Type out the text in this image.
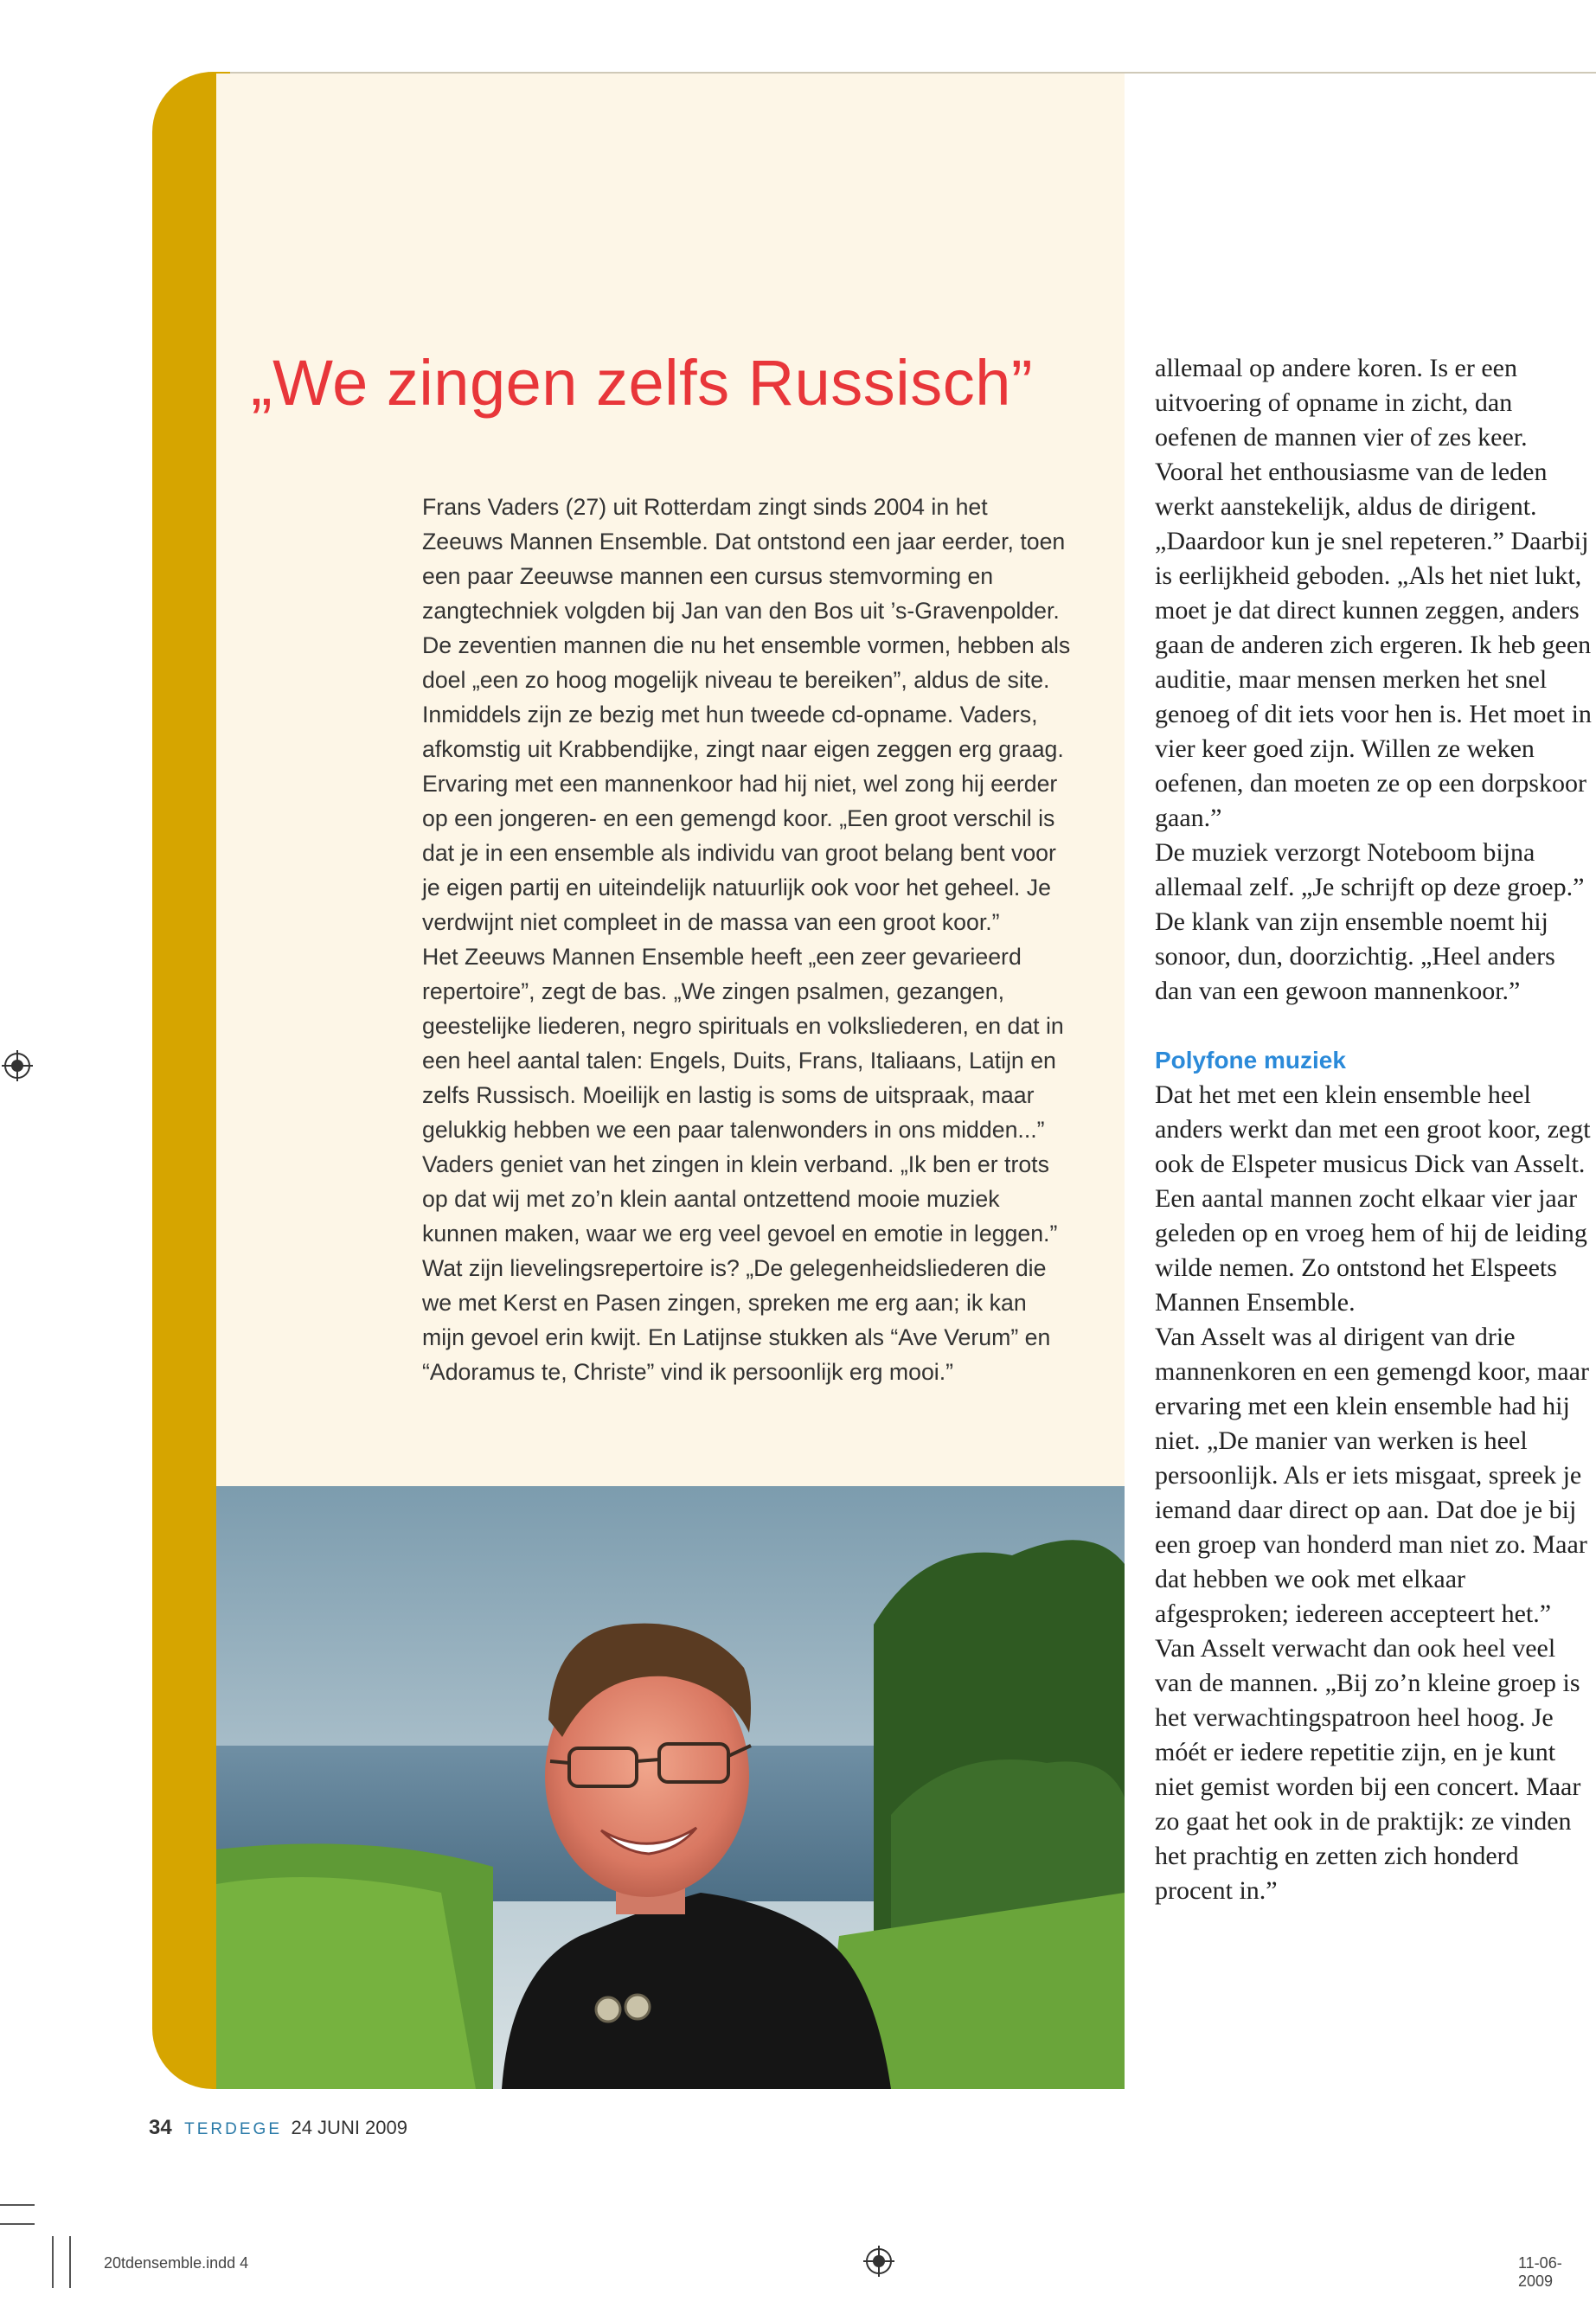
„We zingen zelfs Russisch”

Frans Vaders (27) uit Rotterdam zingt sinds 2004 in het Zeeuws Mannen Ensemble. Dat ontstond een jaar eerder, toen een paar Zeeuwse mannen een cursus stemvorming en zangtechniek volgden bij Jan van den Bos uit ’s-Gravenpolder. De zeventien mannen die nu het ensemble vormen, hebben als doel „een zo hoog mogelijk niveau te bereiken”, aldus de site. Inmiddels zijn ze bezig met hun tweede cd-opname. Vaders, afkomstig uit Krabbendijke, zingt naar eigen zeggen erg graag. Ervaring met een mannenkoor had hij niet, wel zong hij eerder op een jongeren- en een gemengd koor. „Een groot verschil is dat je in een ensemble als individu van groot belang bent voor je eigen partij en uiteindelijk natuurlijk ook voor het geheel. Je verdwijnt niet compleet in de massa van een groot koor.”
Het Zeeuws Mannen Ensemble heeft „een zeer gevarieerd repertoire”, zegt de bas. „We zingen psalmen, gezangen, geestelijke liederen, negro spirituals en volksliederen, en dat in een heel aantal talen: Engels, Duits, Frans, Italiaans, Latijn en zelfs Russisch. Moeilijk en lastig is soms de uitspraak, maar gelukkig hebben we een paar talenwonders in ons midden...”
Vaders geniet van het zingen in klein verband. „Ik ben er trots op dat wij met zo’n klein aantal ontzettend mooie muziek kunnen maken, waar we erg veel gevoel en emotie in leggen.”
Wat zijn lievelingsrepertoire is? „De gelegenheidsliederen die we met Kerst en Pasen zingen, spreken me erg aan; ik kan mijn gevoel erin kwijt. En Latijnse stukken als “Ave Verum” en “Adoramus te, Christe” vind ik persoonlijk erg mooi.”

allemaal op andere koren. Is er een uitvoering of opname in zicht, dan oefenen de mannen vier of zes keer. Vooral het enthousiasme van de leden werkt aanstekelijk, aldus de dirigent. „Daardoor kun je snel repeteren.” Daarbij is eerlijkheid geboden. „Als het niet lukt, moet je dat direct kunnen zeggen, anders gaan de anderen zich ergeren. Ik heb geen auditie, maar mensen merken het snel genoeg of dit iets voor hen is. Het moet in vier keer goed zijn. Willen ze weken oefenen, dan moeten ze op een dorpskoor gaan.”

De muziek verzorgt Noteboom bijna allemaal zelf. „Je schrijft op deze groep.” De klank van zijn ensemble noemt hij sonoor, dun, doorzichtig. „Heel anders dan van een gewoon mannenkoor.”

Polyfone muziek

Dat het met een klein ensemble heel anders werkt dan met een groot koor, zegt ook de Elspeter musicus Dick van Asselt. Een aantal mannen zocht elkaar vier jaar geleden op en vroeg hem of hij de leiding wilde nemen. Zo ontstond het Elspeets Mannen Ensemble.

Van Asselt was al dirigent van drie mannenkoren en een gemengd koor, maar ervaring met een klein ensemble had hij niet. „De manier van werken is heel persoonlijk. Als er iets misgaat, spreek je iemand daar direct op aan. Dat doe je bij een groep van honderd man niet zo. Maar dat hebben we ook met elkaar afgesproken; iedereen accepteert het.”

Van Asselt verwacht dan ook heel veel van de mannen. „Bij zo’n kleine groep is het verwachtingspatroon heel hoog. Je móét er iedere repetitie zijn, en je kunt niet gemist worden bij een concert. Maar zo gaat het ook in de praktijk: ze vinden het prachtig en zetten zich honderd procent in.”

34 TERDEGE 24 JUNI 2009
20tdensemble.indd 4	11-06-2009
